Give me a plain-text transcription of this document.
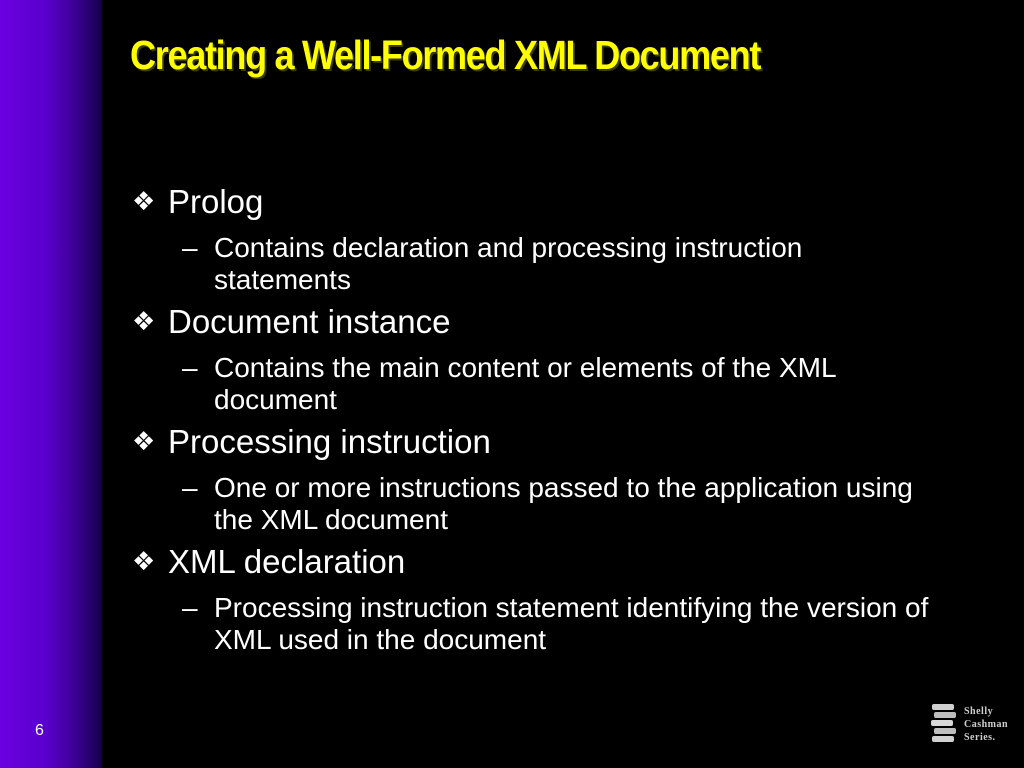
Creating a Well-Formed XML Document
❖ Prolog
– Contains declaration and processing instruction statements
❖ Document instance
– Contains the main content or elements of the XML document
❖ Processing instruction
– One or more instructions passed to the application using the XML document
❖ XML declaration
– Processing instruction statement identifying the version of XML used in the document
6
Shelly
Cashman
Series.
